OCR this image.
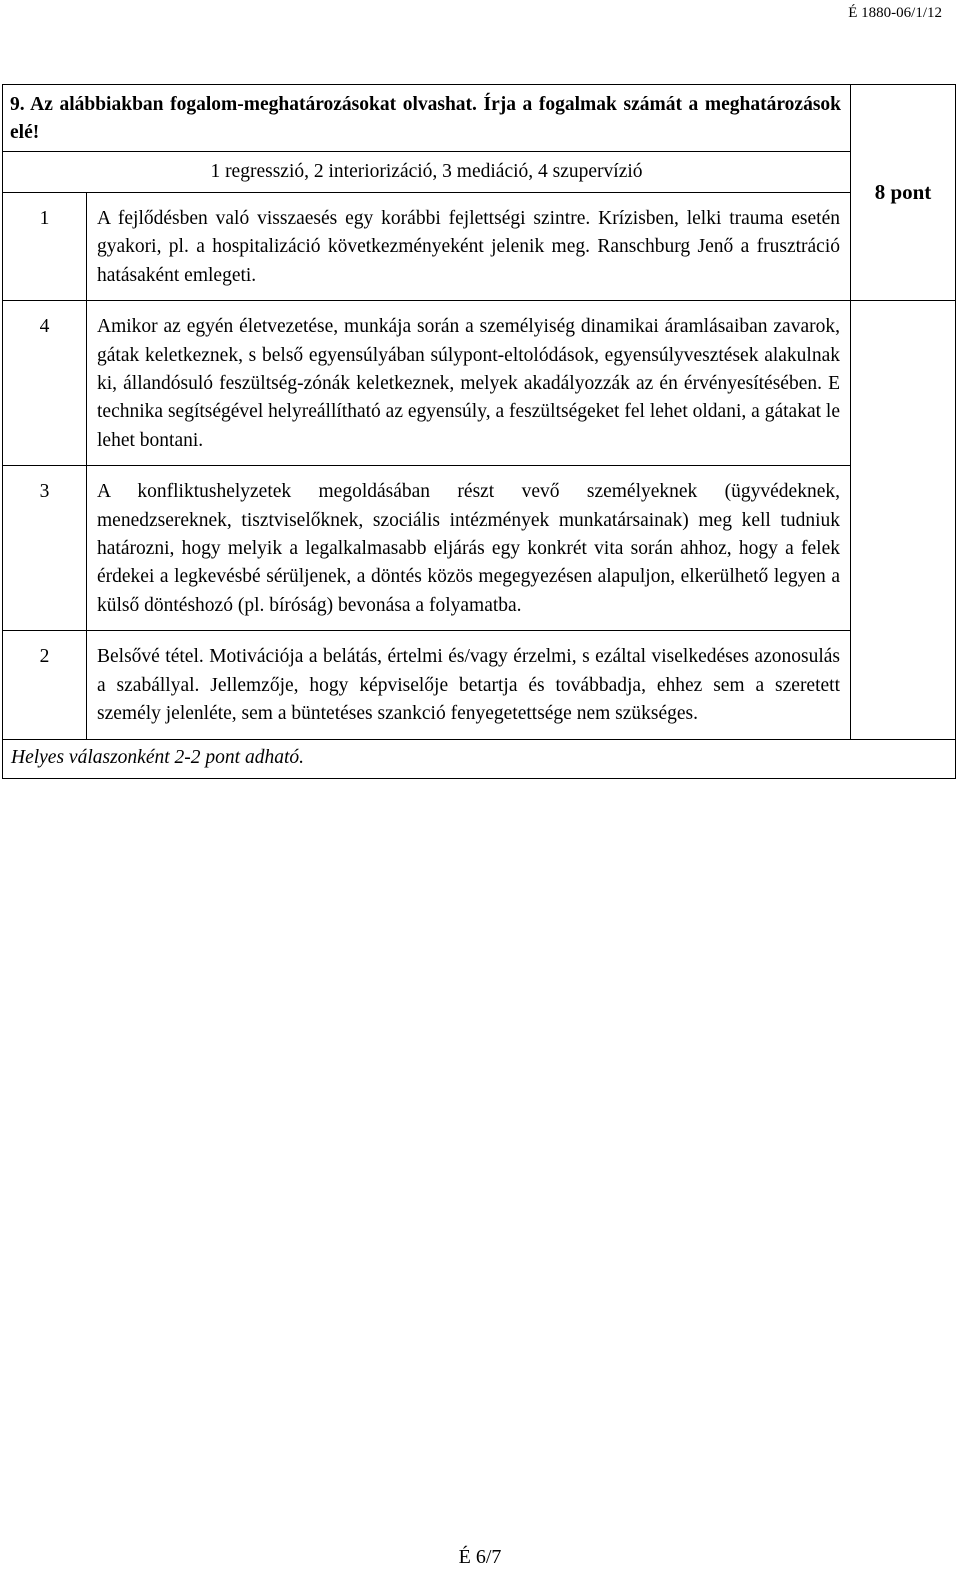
É 1880-06/1/12
9. Az alábbiakban fogalom-meghatározásokat olvashat. Írja a fogalmak számát a meghatározások elé!		8 pont
1 regresszió, 2 interiorizáció, 3 mediáció, 4 szupervízió		
1	A fejlődésben való visszaesés egy korábbi fejlettségi szintre. Krízisben, lelki trauma esetén gyakori, pl. a hospitalizáció következményeként jelenik meg. Ranschburg Jenő a frusztráció hatásaként emlegeti.	
4	Amikor az egyén életvezetése, munkája során a személyiség dinamikai áramlásaiban zavarok, gátak keletkeznek, s belső egyensúlyában súlypont-eltolódások, egyensúlyvesztések alakulnak ki, állandósuló feszültség-zónák keletkeznek, melyek akadályozzák az én érvényesítésében. E technika segítségével helyreállítható az egyensúly, a feszültségeket fel lehet oldani, a gátakat le lehet bontani.	
3	A konfliktushelyzetek megoldásában részt vevő személyeknek (ügyvédeknek, menedzsereknek, tisztviselőknek, szociális intézmények munkatársainak) meg kell tudniuk határozni, hogy melyik a legalkalmasabb eljárás egy konkrét vita során ahhoz, hogy a felek érdekei a legkevésbé sérüljenek, a döntés közös megegyezésen alapuljon, elkerülhető legyen a külső döntéshozó (pl. bíróság) bevonása a folyamatba.	
2	Belsővé tétel. Motivációja a belátás, értelmi és/vagy érzelmi, s ezáltal viselkedéses azonosulás a szabállyal. Jellemzője, hogy képviselője betartja és továbbadja, ehhez sem a szeretett személy jelenléte, sem a büntetéses szankció fenyegetettsége nem szükséges.	
Helyes válaszonként 2-2 pont adható.		
É 6/7
